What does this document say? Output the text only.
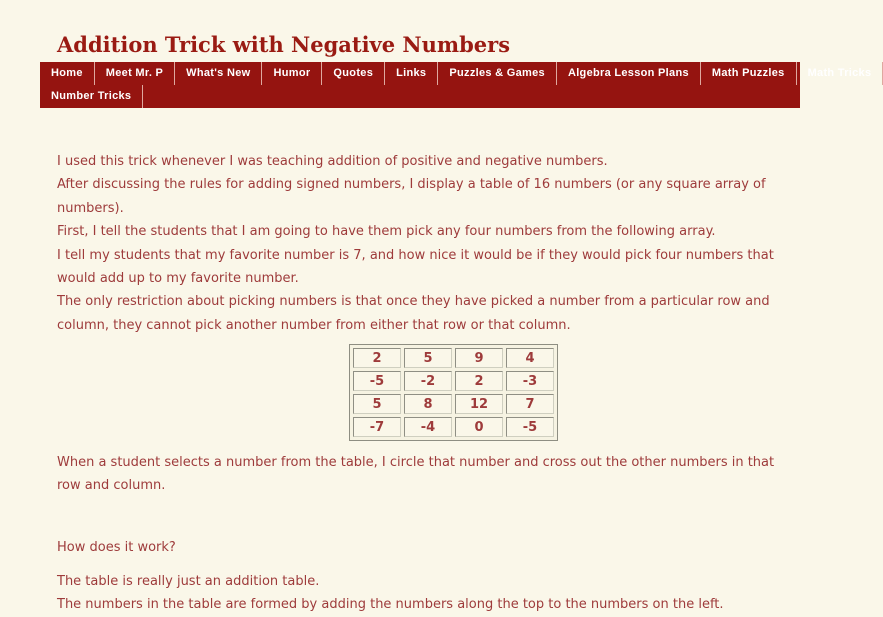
Addition Trick with Negative Numbers
Home	Meet Mr. P	What's New	Humor	Quotes	Links	Puzzles & Games	Algebra Lesson Plans	Math Puzzles	Math Tricks
Number Tricks
I used this trick whenever I was teaching addition of positive and negative numbers.
After discussing the rules for adding signed numbers, I display a table of 16 numbers (or any square array of
numbers).
First, I tell the students that I am going to have them pick any four numbers from the following array.
I tell my students that my favorite number is 7, and how nice it would be if they would pick four numbers that
would add up to my favorite number.
The only restriction about picking numbers is that once they have picked a number from a particular row and
column, they cannot pick another number from either that row or that column.
2	5	9	4
-5	-2	2	-3
5	8	12	7
-7	-4	0	-5
When a student selects a number from the table, I circle that number and cross out the other numbers in that
row and column.
How does it work?
The table is really just an addition table.
The numbers in the table are formed by adding the numbers along the top to the numbers on the left.
